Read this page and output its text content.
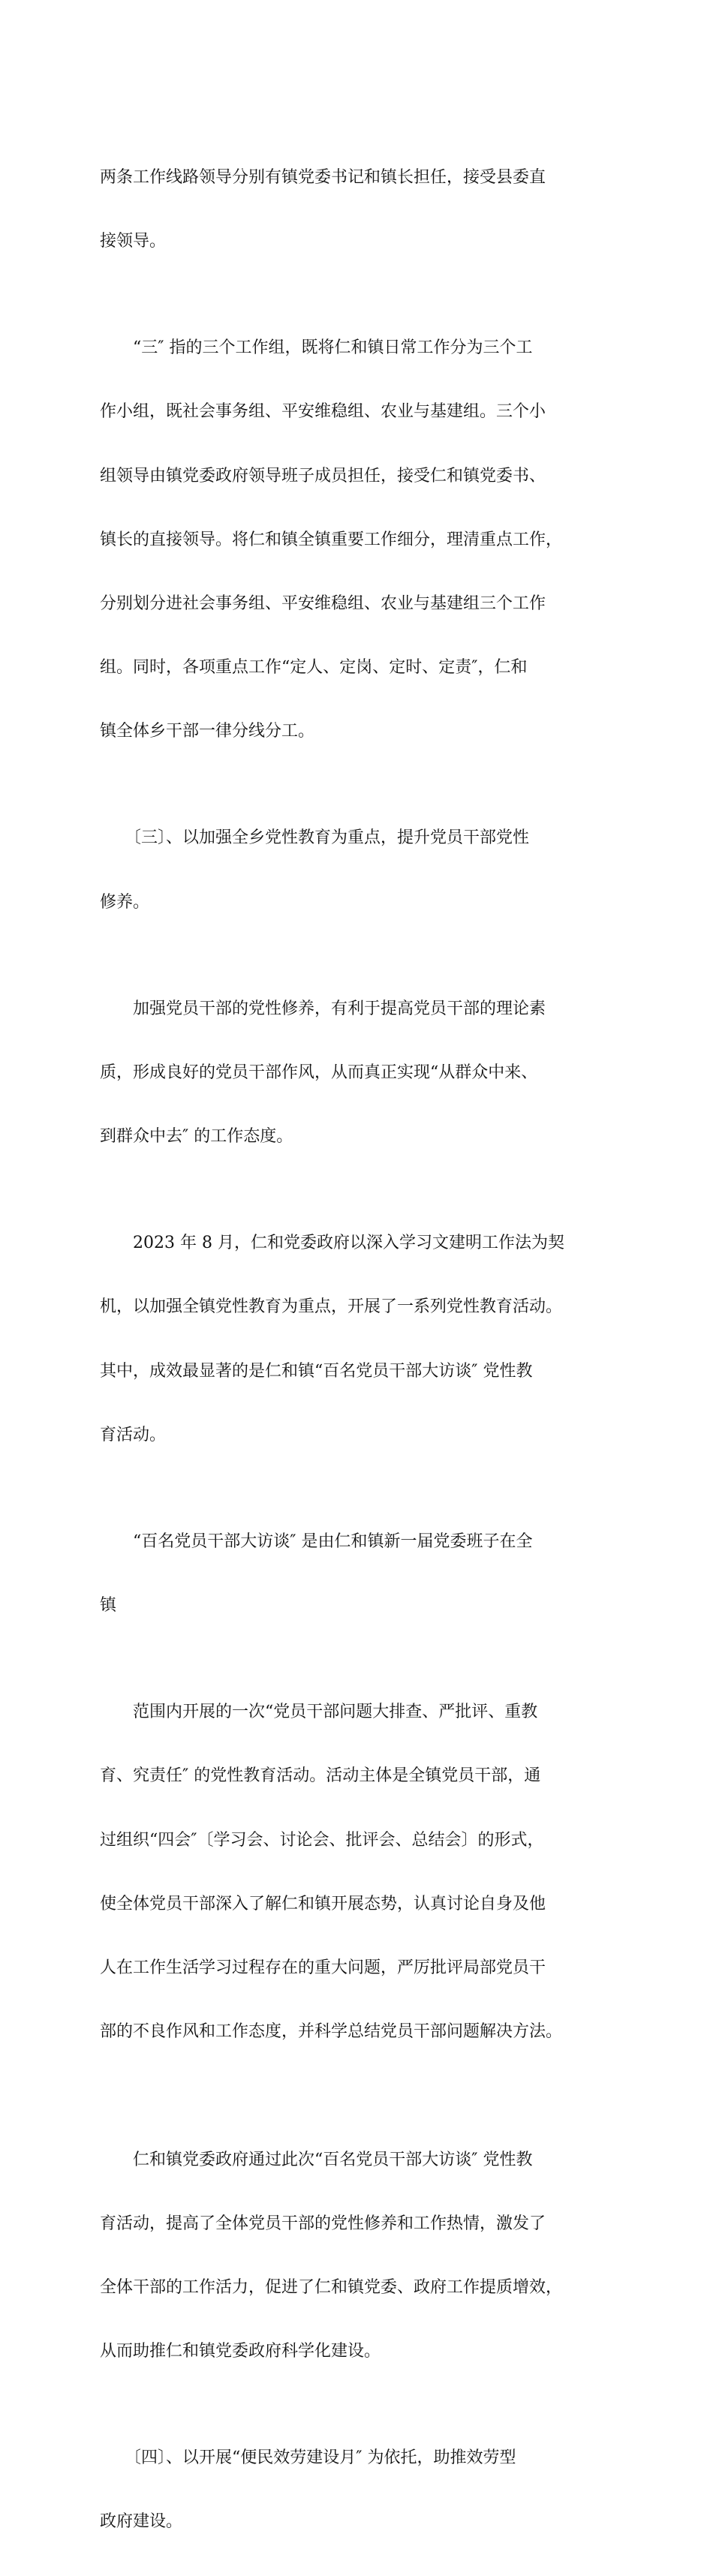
两条工作线路领导分别有镇党委书记和镇长担任，接受县委直

接领导。

　　“三″ 指的三个工作组，既将仁和镇日常工作分为三个工

作小组，既社会事务组、平安维稳组、农业与基建组。三个小

组领导由镇党委政府领导班子成员担任，接受仁和镇党委书、

镇长的直接领导。将仁和镇全镇重要工作细分，理清重点工作，

分别划分进社会事务组、平安维稳组、农业与基建组三个工作

组。同时，各项重点工作“定人、定岗、定时、定责″，仁和

镇全体乡干部一律分线分工。

　　〔三〕、以加强全乡党性教育为重点，提升党员干部党性

修养。

　　加强党员干部的党性修养，有利于提高党员干部的理论素

质，形成良好的党员干部作风，从而真正实现“从群众中来、

到群众中去″ 的工作态度。

　　2023 年 8 月，仁和党委政府以深入学习文建明工作法为契

机，以加强全镇党性教育为重点，开展了一系列党性教育活动。

其中，成效最显著的是仁和镇“百名党员干部大访谈″ 党性教

育活动。

　　“百名党员干部大访谈″ 是由仁和镇新一届党委班子在全

镇

　　范围内开展的一次“党员干部问题大排查、严批评、重教

育、究责任″ 的党性教育活动。活动主体是全镇党员干部，通

过组织“四会″〔学习会、讨论会、批评会、总结会〕的形式，

使全体党员干部深入了解仁和镇开展态势，认真讨论自身及他

人在工作生活学习过程存在的重大问题，严厉批评局部党员干

部的不良作风和工作态度，并科学总结党员干部问题解决方法。

　　仁和镇党委政府通过此次“百名党员干部大访谈″ 党性教

育活动，提高了全体党员干部的党性修养和工作热情，激发了

全体干部的工作活力，促进了仁和镇党委、政府工作提质增效，

从而助推仁和镇党委政府科学化建设。

　　〔四〕、以开展“便民效劳建设月″ 为依托，助推效劳型

政府建设。
